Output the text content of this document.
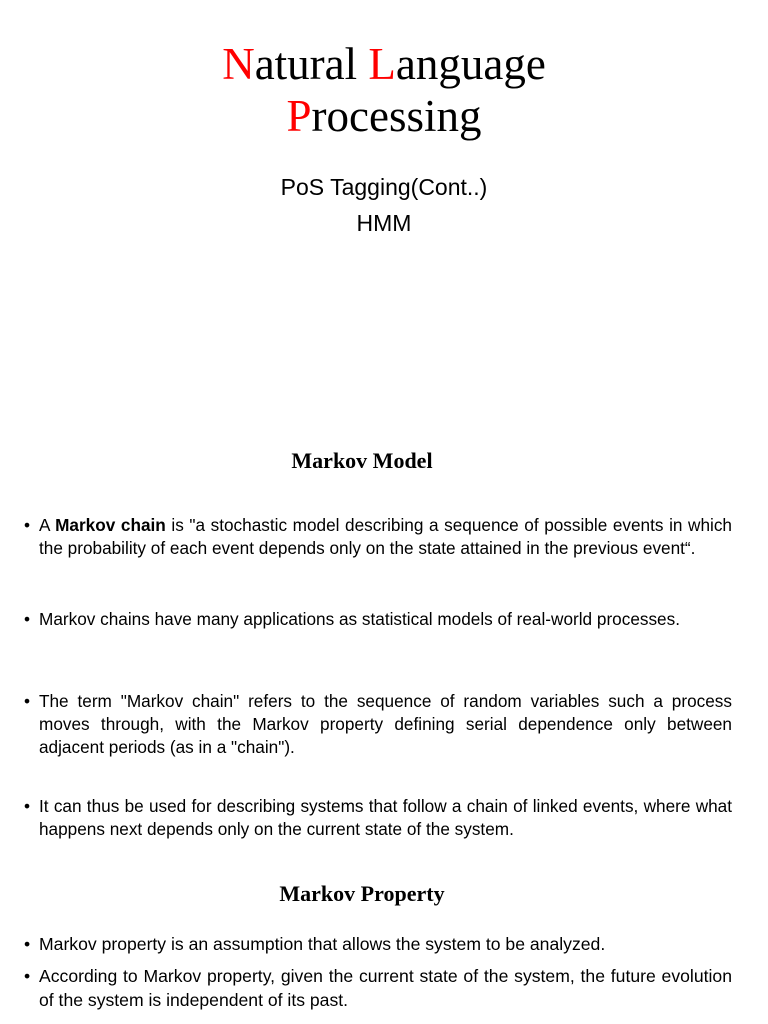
Natural Language
Processing
PoS Tagging(Cont..)
HMM
Markov Model
• A Markov chain is "a stochastic model describing a sequence of possible events in which the probability of each event depends only on the state attained in the previous event“.
• Markov chains have many applications as statistical models of real-world processes.
• The term "Markov chain" refers to the sequence of random variables such a process moves through, with the Markov property defining serial dependence only between adjacent periods (as in a "chain").
• It can thus be used for describing systems that follow a chain of linked events, where what happens next depends only on the current state of the system.
Markov Property
• Markov property is an assumption that allows the system to be analyzed.
• According to Markov property, given the current state of the system, the future evolution of the system is independent of its past.
